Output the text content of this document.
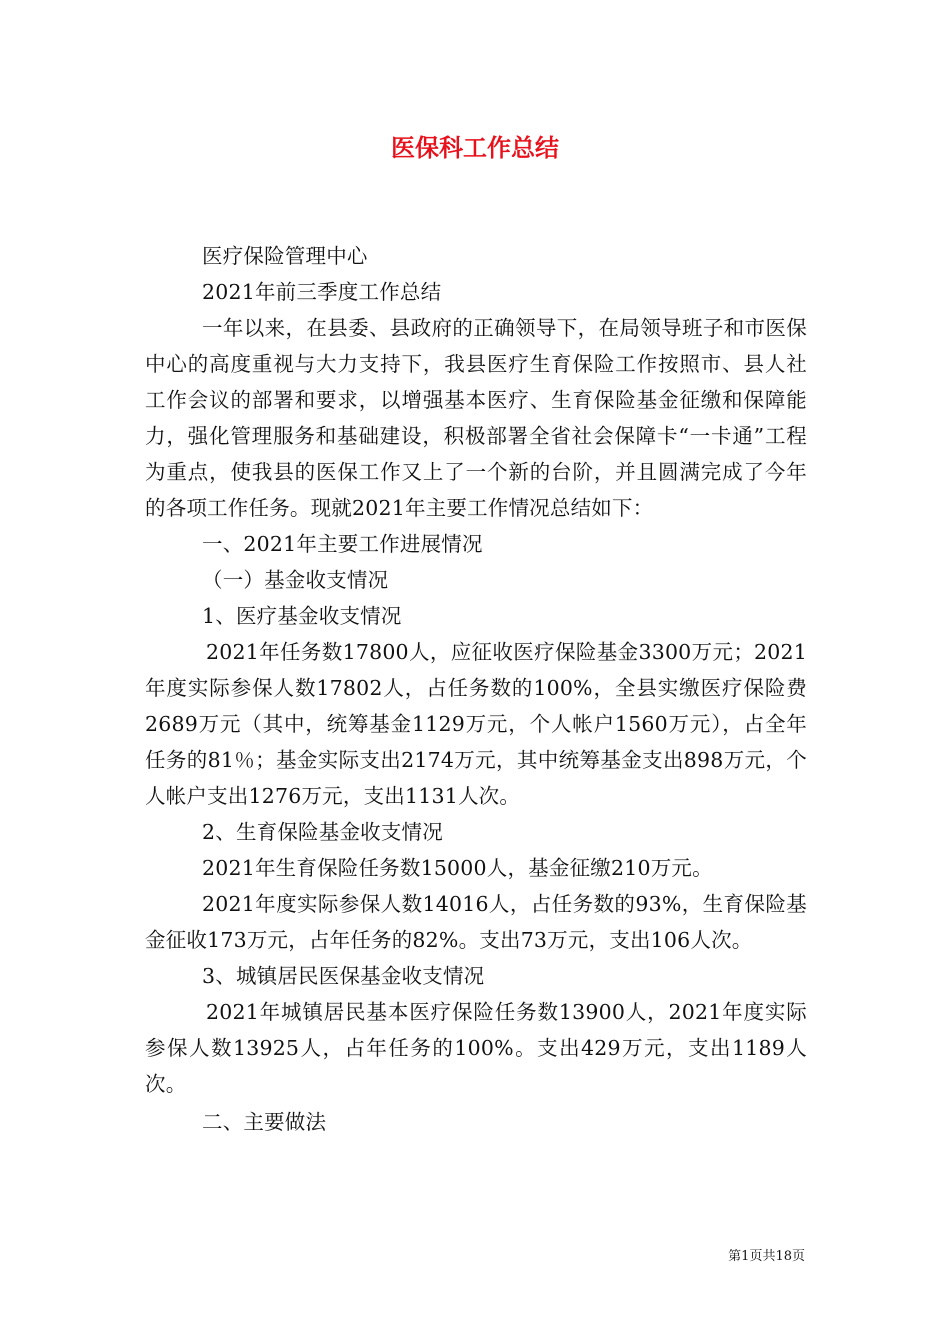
医保科工作总结

医疗保险管理中心

2021年前三季度工作总结

一年以来，在县委、县政府的正确领导下，在局领导班子和市医保中心的高度重视与大力支持下，我县医疗生育保险工作按照市、县人社工作会议的部署和要求，以增强基本医疗、生育保险基金征缴和保障能力，强化管理服务和基础建设，积极部署全省社会保障卡“一卡通”工程为重点，使我县的医保工作又上了一个新的台阶，并且圆满完成了今年的各项工作任务。现就2021年主要工作情况总结如下：

一、2021年主要工作进展情况

（一）基金收支情况

1、医疗基金收支情况

2021年任务数17800人，应征收医疗保险基金3300万元；2021年度实际参保人数17802人，占任务数的100%，全县实缴医疗保险费2689万元（其中，统筹基金1129万元，个人帐户1560万元），占全年任务的81％；基金实际支出2174万元，其中统筹基金支出898万元，个人帐户支出1276万元，支出1131人次。

2、生育保险基金收支情况

2021年生育保险任务数15000人，基金征缴210万元。

2021年度实际参保人数14016人，占任务数的93%，生育保险基金征收173万元，占年任务的82%。支出73万元，支出106人次。

3、城镇居民医保基金收支情况

2021年城镇居民基本医疗保险任务数13900人，2021年度实际参保人数13925人，占年任务的100%。支出429万元，支出1189人次。

二、主要做法

第1页共18页
